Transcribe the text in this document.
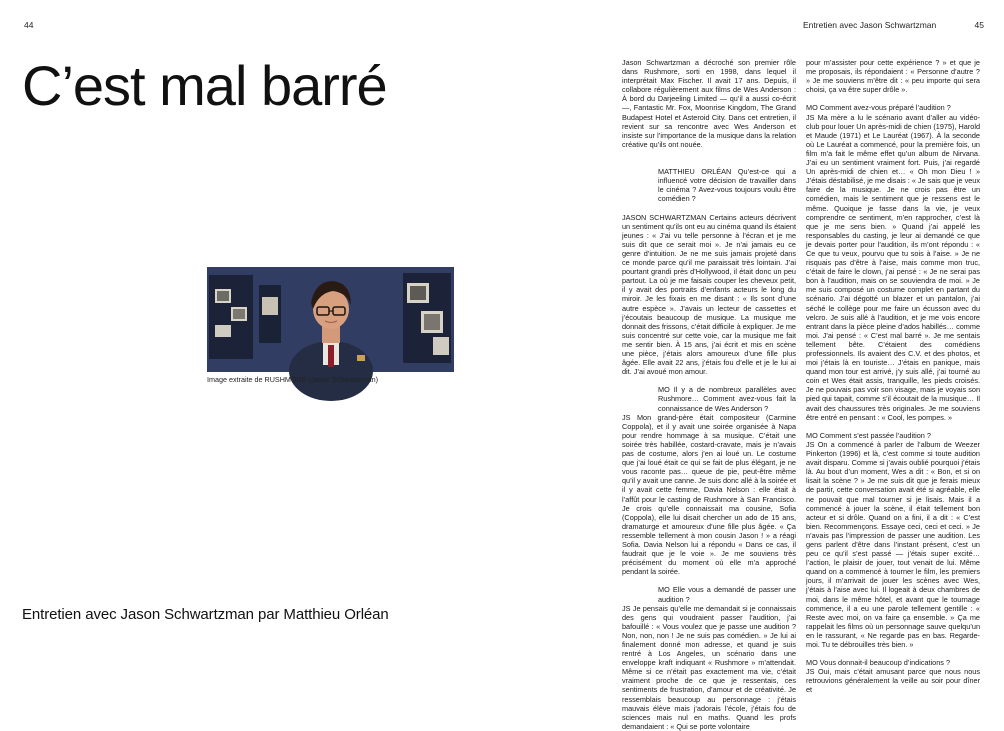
44	Entretien avec Jason Schwartzman	45
C’est mal barré
Image extraite de RUSHMORE (Jason Schwartzman)
Entretien avec Jason Schwartzman par Matthieu Orléan

Jason Schwartzman a décroché son premier rôle dans Rushmore, sorti en 1998, dans lequel il interprétait Max Fischer. Il avait 17 ans. Depuis, il collabore régulièrement aux films de Wes Anderson : À bord du Darjeeling Limited — qu’il a aussi co-écrit —, Fantastic Mr. Fox, Moonrise Kingdom, The Grand Budapest Hotel et Asteroid City. Dans cet entretien, il revient sur sa rencontre avec Wes Anderson et insiste sur l’importance de la musique dans la relation créative qu’ils ont nouée.

MATTHIEU ORLÉAN Qu’est-ce qui a influencé votre décision de travailler dans le cinéma ? Avez-vous toujours voulu être comédien ?

JASON SCHWARTZMAN Certains acteurs décrivent un sentiment qu’ils ont eu au cinéma quand ils étaient jeunes : « J’ai vu telle personne à l’écran et je me suis dit que ce serait moi ». Je n’ai jamais eu ce genre d’intuition. Je ne me suis jamais projeté dans ce monde parce qu’il me paraissait très lointain. J’ai pourtant grandi près d’Hollywood, il était donc un peu partout. La où je me faisais couper les cheveux petit, il y avait des portraits d’enfants acteurs le long du miroir. Je les fixais en me disant : « Ils sont d’une autre espèce ». J’avais un lecteur de cassettes et j’écoutais beaucoup de musique. La musique me donnait des frissons, c’était difficile à expliquer. Je me suis concentré sur cette voie, car la musique me fait me sentir bien. À 15 ans, j’ai écrit et mis en scène une pièce, j’étais alors amoureux d’une fille plus âgée. Elle avait 22 ans, j’étais fou d’elle et je le lui ai dit. J’ai avoué mon amour.

MO Il y a de nombreux parallèles avec Rushmore… Comment avez-vous fait la connaissance de Wes Anderson ?

JS Mon grand-père était compositeur (Carmine Coppola), et il y avait une soirée organisée à Napa pour rendre hommage à sa musique. C’était une soirée très habillée, costard-cravate, mais je n’avais pas de costume, alors j’en ai loué un. Le costume que j’ai loué était ce qui se fait de plus élégant, je ne vous raconte pas… queue de pie, peut-être même qu’il y avait une canne. Je suis donc allé à la soirée et il y avait cette femme, Davia Nelson : elle était à l’affût pour le casting de Rushmore à San Francisco. Je crois qu’elle connaissait ma cousine, Sofia (Coppola), elle lui disait chercher un ado de 15 ans, dramaturge et amoureux d’une fille plus âgée. « Ça ressemble tellement à mon cousin Jason ! » a réagi Sofia. Davia Nelson lui a répondu « Dans ce cas, il faudrait que je le voie ». Je me souviens très précisément du moment où elle m’a approché pendant la soirée.

MO Elle vous a demandé de passer une audition ?

JS Je pensais qu’elle me demandait si je connaissais des gens qui voudraient passer l’audition, j’ai bafouillé : « Vous voulez que je passe une audition ? Non, non, non ! Je ne suis pas comédien. » Je lui ai finalement donné mon adresse, et quand je suis rentré à Los Angeles, un scénario dans une enveloppe kraft indiquant « Rushmore » m’attendait. Même si ce n’était pas exactement ma vie, c’était vraiment proche de ce que je ressentais, ces sentiments de frustration, d’amour et de créativité. Je ressemblais beaucoup au personnage : j’étais mauvais élève mais j’adorais l’école, j’étais fou de sciences mais nul en maths. Quand les profs demandaient : « Qui se porte volontaire

pour m’assister pour cette expérience ? » et que je me proposais, ils répondaient : « Personne d’autre ? » Je me souviens m’être dit : « peu importe qui sera choisi, ça va être super drôle ».

MO Comment avez-vous préparé l’audition ?

JS Ma mère a lu le scénario avant d’aller au vidéo-club pour louer Un après-midi de chien (1975), Harold et Maude (1971) et Le Lauréat (1967). À la seconde où Le Lauréat a commencé, pour la première fois, un film m’a fait le même effet qu’un album de Nirvana. J’ai eu un sentiment vraiment fort. Puis, j’ai regardé Un après-midi de chien et… « Oh mon Dieu ! » J’étais déstabilisé, je me disais : « Je sais que je veux faire de la musique. Je ne crois pas être un comédien, mais le sentiment que je ressens est le même. Quoique je fasse dans la vie, je veux comprendre ce sentiment, m’en rapprocher, c’est là que je me sens bien. » Quand j’ai appelé les responsables du casting, je leur ai demandé ce que je devais porter pour l’audition, ils m’ont répondu : « Ce que tu veux, pourvu que tu sois à l’aise. » Je ne risquais pas d’être à l’aise, mais comme mon truc, c’était de faire le clown, j’ai pensé : « Je ne serai pas bon à l’audition, mais on se souviendra de moi. » Je me suis composé un costume complet en partant du scénario. J’ai dégotté un blazer et un pantalon, j’ai séché le collège pour me faire un écusson avec du velcro. Je suis allé à l’audition, et je me vois encore entrant dans la pièce pleine d’ados habillés… comme moi. J’ai pensé : « C’est mal barré ». Je me sentais tellement bête. C’étaient des comédiens professionnels. Ils avaient des C.V. et des photos, et moi j’étais là en touriste… J’étais en panique, mais quand mon tour est arrivé, j’y suis allé, j’ai tourné au coin et Wes était assis, tranquille, les pieds croisés. Je ne pouvais pas voir son visage, mais je voyais son pied qui tapait, comme s’il écoutait de la musique… Il avait des chaussures très originales. Je me souviens être entré en pensant : « Cool, les pompes. »

MO Comment s’est passée l’audition ?

JS On a commencé à parler de l’album de Weezer Pinkerton (1996) et là, c’est comme si toute audition avait disparu. Comme si j’avais oublié pourquoi j’étais là. Au bout d’un moment, Wes a dit : « Bon, et si on lisait la scène ? » Je me suis dit que je ferais mieux de partir, cette conversation avait été si agréable, elle ne pouvait que mal tourner si je lisais. Mais il a commencé à jouer la scène, il était tellement bon acteur et si drôle. Quand on a fini, il a dit : « C’est bien. Recommençons. Essaye ceci, ceci et ceci. » Je n’avais pas l’impression de passer une audition. Les gens parlent d’être dans l’instant présent, c’est un peu ce qu’il s’est passé — j’étais super excité… l’action, le plaisir de jouer, tout venait de lui. Même quand on a commencé à tourner le film, les premiers jours, il m’arrivait de jouer les scènes avec Wes, j’étais à l’aise avec lui. Il logeait à deux chambres de moi, dans le même hôtel, et avant que le tournage commence, il a eu une parole tellement gentille : « Reste avec moi, on va faire ça ensemble. » Ça me rappelait les films où un personnage sauve quelqu’un en le rassurant, « Ne regarde pas en bas. Regarde-moi. Tu te débrouilles très bien. »

MO Vous donnait-il beaucoup d’indications ?

JS Oui, mais c’était amusant parce que nous nous retrouvions généralement la veille au soir pour dîner et
